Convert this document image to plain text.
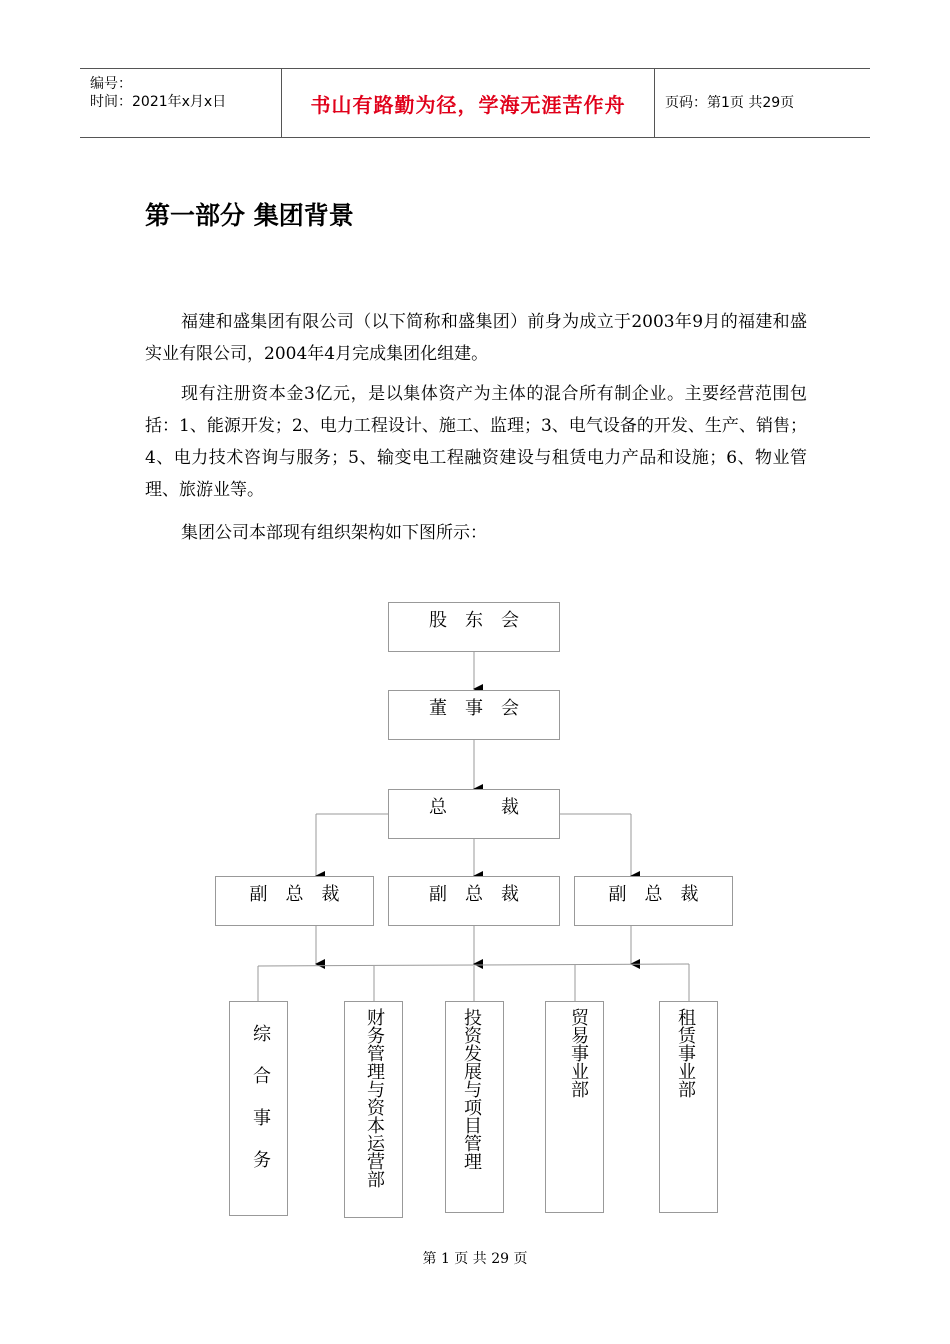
编号：
时间：2021年x月x日	书山有路勤为径，学海无涯苦作舟	页码：第1页 共29页
第一部分 集团背景

福建和盛集团有限公司（以下简称和盛集团）前身为成立于2003年9月的福建和盛实业有限公司，2004年4月完成集团化组建。

现有注册资本金3亿元，是以集体资产为主体的混合所有制企业。主要经营范围包括：1、能源开发；2、电力工程设计、施工、监理；3、电气设备的开发、生产、销售；4、电力技术咨询与服务；5、输变电工程融资建设与租赁电力产品和设施；6、物业管理、旅游业等。

集团公司本部现有组织架构如下图所示：

股　东　会
董　事　会
总　　　裁
副　总　裁	副　总　裁	副　总　裁
综合事务	财务管理与资本运营部	投资发展与项目管理	贸易事业部	租赁事业部
第 1 页 共 29 页
